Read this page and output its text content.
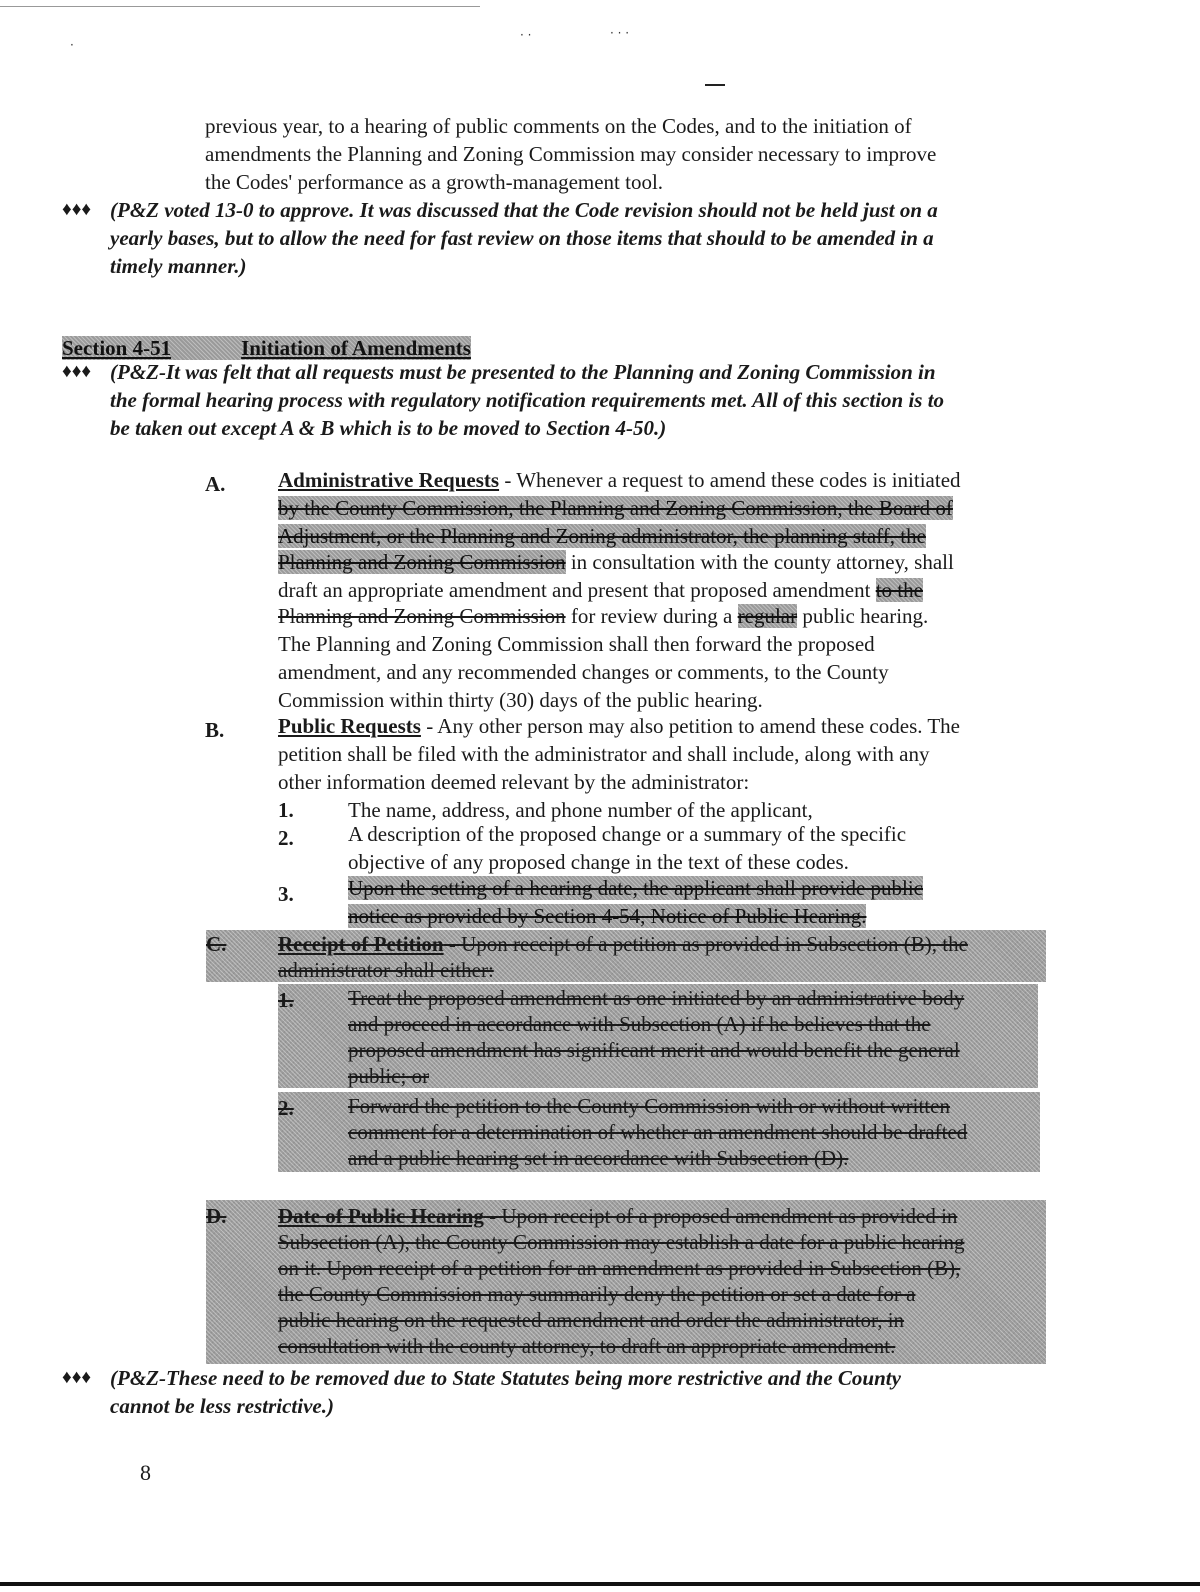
·
· ·	· · ·
previous year, to a hearing of public comments on the Codes, and to the initiation of
amendments the Planning and Zoning Commission may consider necessary to improve
the Codes' performance as a growth-management tool.
♦♦♦ (P&Z voted 13-0 to approve. It was discussed that the Code revision should not be held just on a
yearly bases, but to allow the need for fast review on those items that should to be amended in a
timely manner.)
Section 4-51	Initiation of Amendments
♦♦♦ (P&Z-It was felt that all requests must be presented to the Planning and Zoning Commission in
the formal hearing process with regulatory notification requirements met. All of this section is to
be taken out except A & B which is to be moved to Section 4-50.)
A.	Administrative Requests - Whenever a request to amend these codes is initiated
by the County Commission, the Planning and Zoning Commission, the Board of
Adjustment, or the Planning and Zoning administrator, the planning staff, the
Planning and Zoning Commission in consultation with the county attorney, shall
draft an appropriate amendment and present that proposed amendment to the
Planning and Zoning Commission for review during a regular public hearing.
The Planning and Zoning Commission shall then forward the proposed
amendment, and any recommended changes or comments, to the County
Commission within thirty (30) days of the public hearing.
B.	Public Requests - Any other person may also petition to amend these codes. The
petition shall be filed with the administrator and shall include, along with any
other information deemed relevant by the administrator:
1.	The name, address, and phone number of the applicant,
2.	A description of the proposed change or a summary of the specific
objective of any proposed change in the text of these codes.
3.	Upon the setting of a hearing date, the applicant shall provide public
notice as provided by Section 4-54, Notice of Public Hearing.
C. Receipt of Petition - Upon receipt of a petition as provided in Subsection (B), the
administrator shall either:
1.	Treat the proposed amendment as one initiated by an administrative body
and proceed in accordance with Subsection (A) if he believes that the
proposed amendment has significant merit and would benefit the general
public; or
2.	Forward the petition to the County Commission with or without written
comment for a determination of whether an amendment should be drafted
and a public hearing set in accordance with Subsection (D).
D. Date of Public Hearing - Upon receipt of a proposed amendment as provided in
Subsection (A), the County Commission may establish a date for a public hearing
on it. Upon receipt of a petition for an amendment as provided in Subsection (B),
the County Commission may summarily deny the petition or set a date for a
public hearing on the requested amendment and order the administrator, in
consultation with the county attorney, to draft an appropriate amendment.
♦♦♦ (P&Z-These need to be removed due to State Statutes being more restrictive and the County
cannot be less restrictive.)
8
